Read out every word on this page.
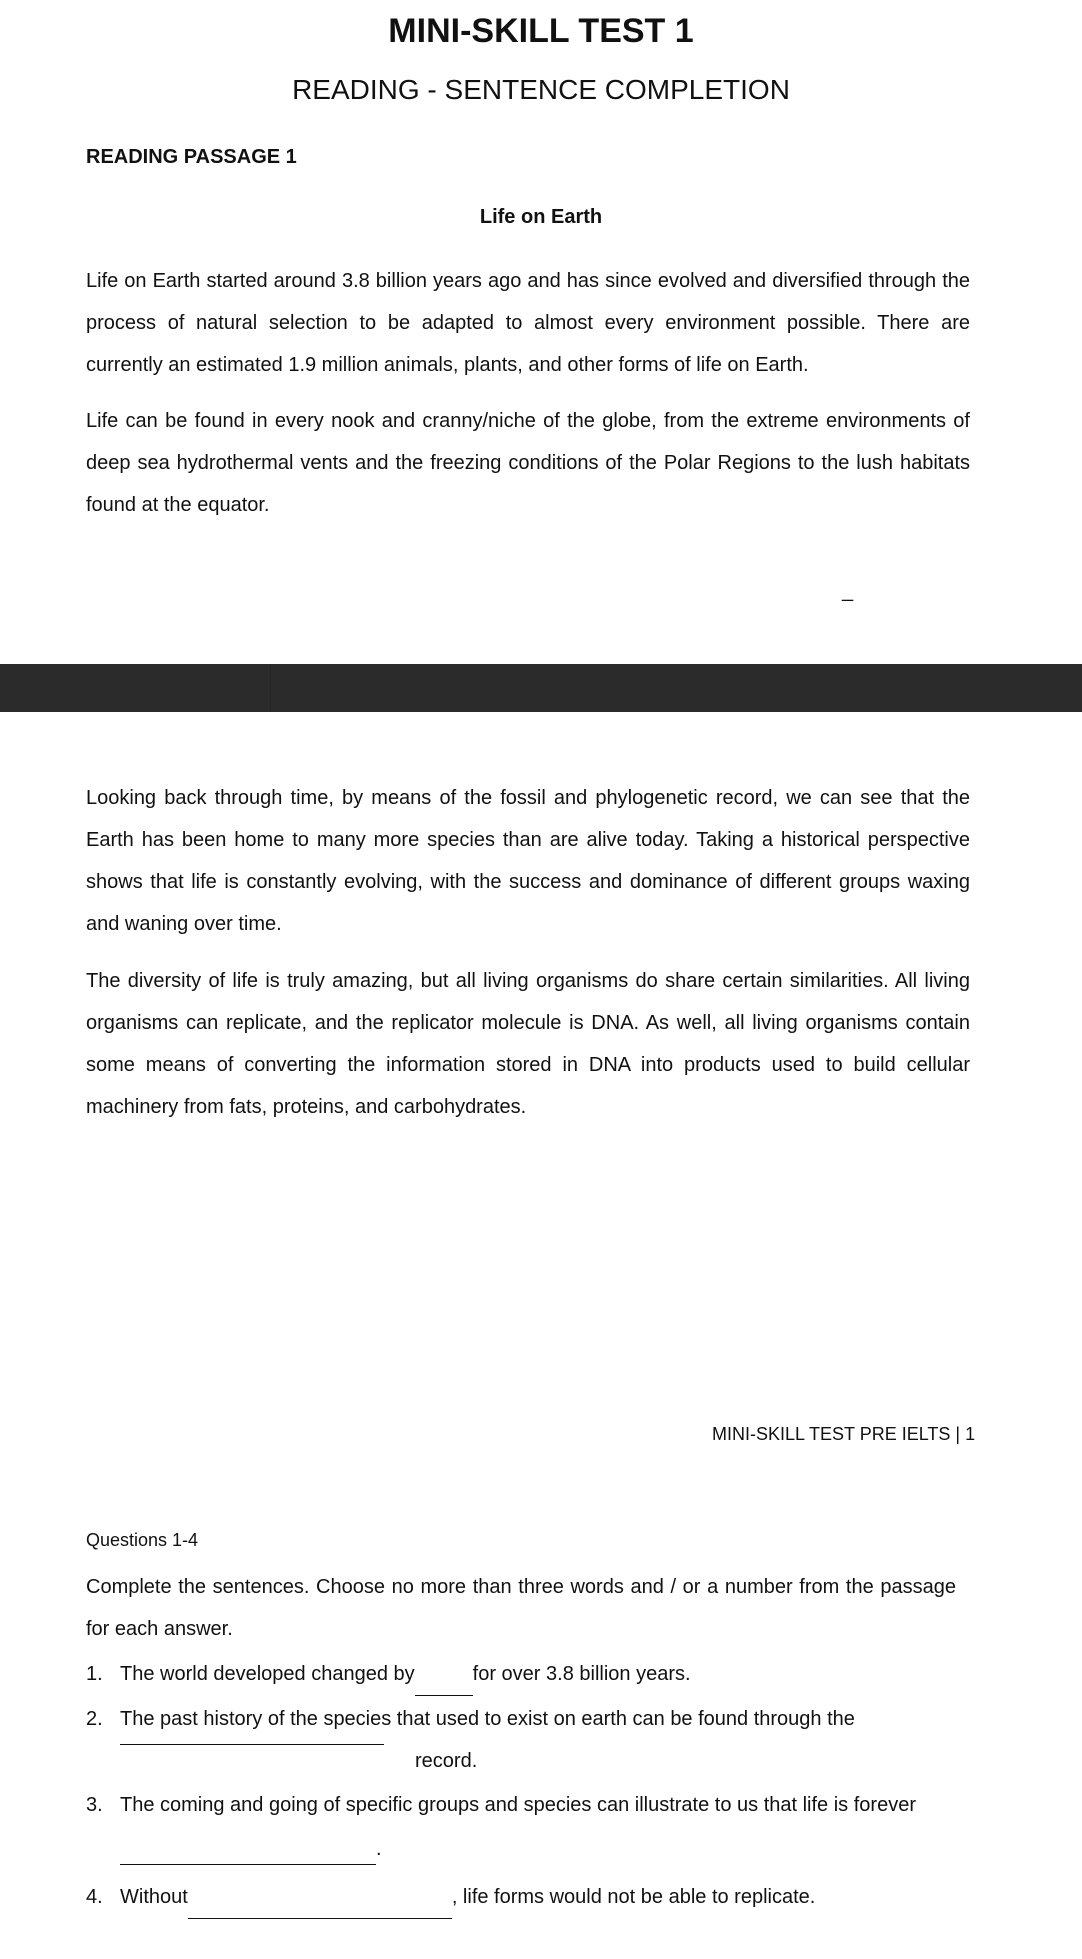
MINI-SKILL TEST 1
READING - SENTENCE COMPLETION
READING PASSAGE 1
Life on Earth

Life on Earth started around 3.8 billion years ago and has since evolved and diversified through the process of natural selection to be adapted to almost every environment possible. There are currently an estimated 1.9 million animals, plants, and other forms of life on Earth.

Life can be found in every nook and cranny/niche of the globe, from the extreme environments of deep sea hydrothermal vents and the freezing conditions of the Polar Regions to the lush habitats found at the equator.

_

Looking back through time, by means of the fossil and phylogenetic record, we can see that the Earth has been home to many more species than are alive today. Taking a historical perspective shows that life is constantly evolving, with the success and dominance of different groups waxing and waning over time.

The diversity of life is truly amazing, but all living organisms do share certain similarities. All living organisms can replicate, and the replicator molecule is DNA. As well, all living organisms contain some means of converting the information stored in DNA into products used to build cellular machinery from fats, proteins, and carbohydrates.

MINI-SKILL TEST PRE IELTS | 1
Questions 1-4

Complete the sentences. Choose no more than three words and / or a number from the passage for each answer.

1. The world developed changed by	for over 3.8 billion years.
2. The past history of the species that used to exist on earth can be found through the
record.
3. The coming and going of specific groups and species can illustrate to us that life is forever
.
4. Without	, life forms would not be able to replicate.
